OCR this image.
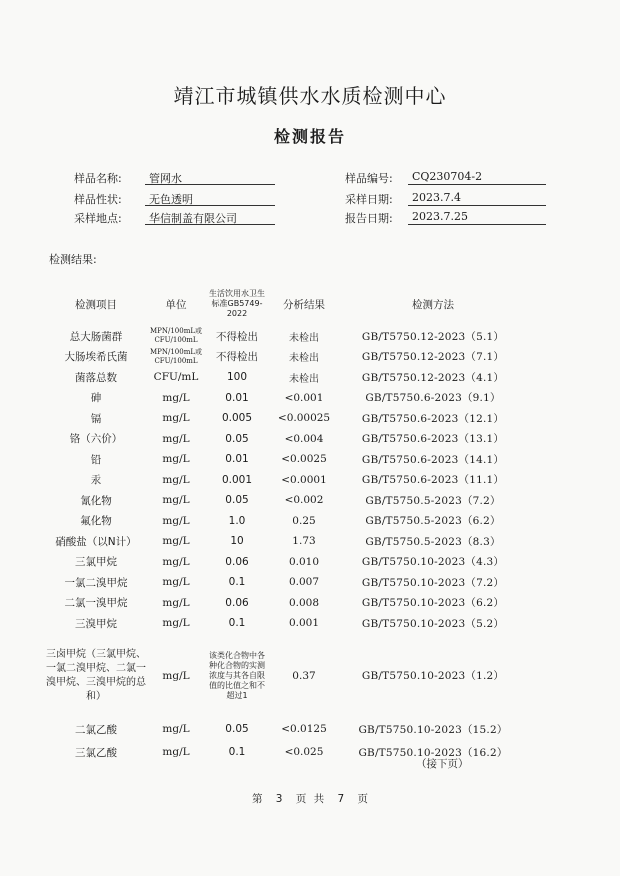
靖江市城镇供水水质检测中心
检测报告
样品名称:	管网水	样品编号:	CQ230704-2
样品性状:	无色透明	采样日期:	2023.7.4
采样地点:	华信制盖有限公司	报告日期:	2023.7.25
检测结果:
检测项目	单位	生活饮用水卫生标准GB5749-2022	分析结果	检测方法
总大肠菌群	MPN/100mL或CFU/100mL	不得检出	未检出	GB/T5750.12-2023（5.1）
大肠埃希氏菌	MPN/100mL或CFU/100mL	不得检出	未检出	GB/T5750.12-2023（7.1）
菌落总数	CFU/mL	100	未检出	GB/T5750.12-2023（4.1）
砷	mg/L	0.01	<0.001	GB/T5750.6-2023（9.1）
镉	mg/L	0.005	<0.00025	GB/T5750.6-2023（12.1）
铬（六价）	mg/L	0.05	<0.004	GB/T5750.6-2023（13.1）
铅	mg/L	0.01	<0.0025	GB/T5750.6-2023（14.1）
汞	mg/L	0.001	<0.0001	GB/T5750.6-2023（11.1）
氰化物	mg/L	0.05	<0.002	GB/T5750.5-2023（7.2）
氟化物	mg/L	1.0	0.25	GB/T5750.5-2023（6.2）
硝酸盐（以N计）	mg/L	10	1.73	GB/T5750.5-2023（8.3）
三氯甲烷	mg/L	0.06	0.010	GB/T5750.10-2023（4.3）
一氯二溴甲烷	mg/L	0.1	0.007	GB/T5750.10-2023（7.2）
二氯一溴甲烷	mg/L	0.06	0.008	GB/T5750.10-2023（6.2）
三溴甲烷	mg/L	0.1	0.001	GB/T5750.10-2023（5.2）
三卤甲烷（三氯甲烷、一氯二溴甲烷、二氯一溴甲烷、三溴甲烷的总和）	mg/L	该类化合物中各种化合物的实测浓度与其各自限值的比值之和不超过1	0.37	GB/T5750.10-2023（1.2）
二氯乙酸	mg/L	0.05	<0.0125	GB/T5750.10-2023（15.2）
三氯乙酸	mg/L	0.1	<0.025	GB/T5750.10-2023（16.2）
（接下页）
第 3 页 共 7 页
